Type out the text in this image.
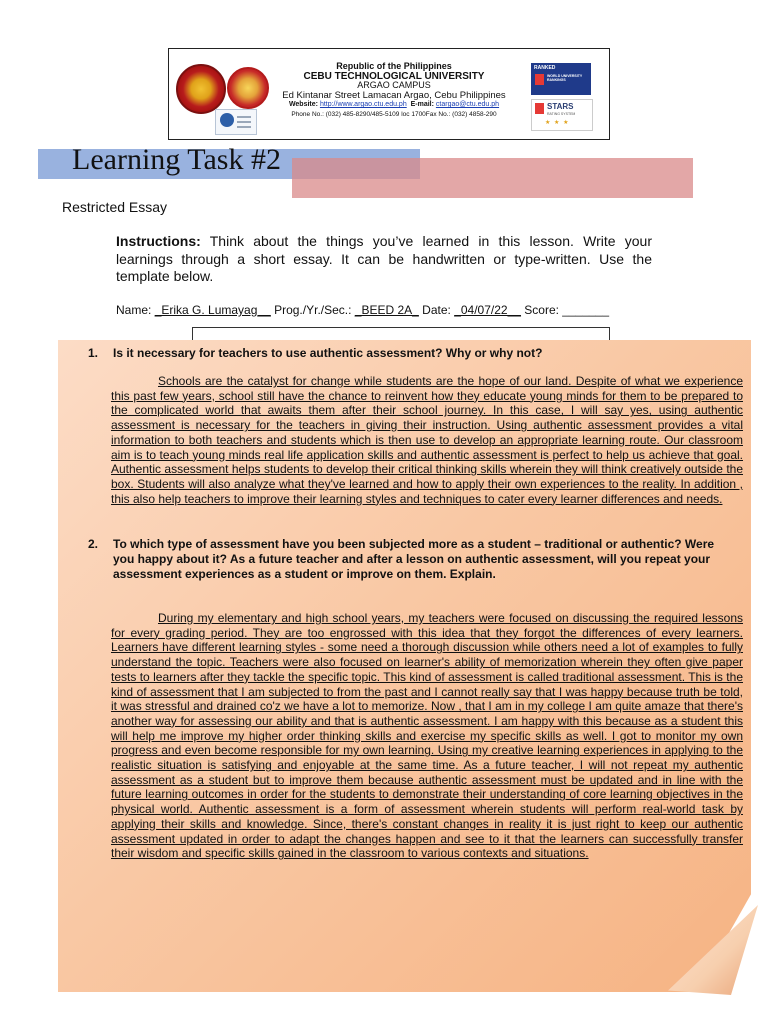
Republic of the Philippines
CEBU TECHNOLOGICAL UNIVERSITY
ARGAO CAMPUS
Ed Kintanar Street Lamacan Argao, Cebu Philippines
Website: http://www.argao.ctu.edu.ph E-mail: ctargao@ctu.edu.ph
Phone No.: (032) 485-8290/485-5109 loc 1700Fax No.: (032) 4858-290
RANKED
WORLD UNIVERSITY RANKINGS
STARS
RATING SYSTEM
★ ★ ★
Learning Task #2
Restricted Essay
Instructions: Think about the things you’ve learned in this lesson. Write your learnings through a short essay. It can be handwritten or type-written. Use the template below.
Name: _Erika G. Lumayag__ Prog./Yr./Sec.: _BEED 2A_ Date: _04/07/22__ Score: _______
1. Is it necessary for teachers to use authentic assessment? Why or why not?
Schools are the catalyst for change while students are the hope of our land. Despite of what we experience this past few years, school still have the chance to reinvent how they educate young minds for them to be prepared to the complicated world that awaits them after their school journey. In this case, I will say yes, using authentic assessment is necessary for the teachers in giving their instruction. Using authentic assessment provides a vital information to both teachers and students which is then use to develop an appropriate learning route. Our classroom aim is to teach young minds real life application skills and authentic assessment is perfect to help us achieve that goal. Authentic assessment helps students to develop their critical thinking skills wherein they will think creatively outside the box. Students will also analyze what they've learned and how to apply their own experiences to the reality. In addition , this also help teachers to improve their learning styles and techniques to cater every learner differences and needs.
2. To which type of assessment have you been subjected more as a student – traditional or authentic? Were you happy about it? As a future teacher and after a lesson on authentic assessment, will you repeat your assessment experiences as a student or improve on them. Explain.
During my elementary and high school years, my teachers were focused on discussing the required lessons for every grading period. They are too engrossed with this idea that they forgot the differences of every learners. Learners have different learning styles - some need a thorough discussion while others need a lot of examples to fully understand the topic. Teachers were also focused on learner's ability of memorization wherein they often give paper tests to learners after they tackle the specific topic. This kind of assessment is called traditional assessment. This is the kind of assessment that I am subjected to from the past and I cannot really say that I was happy because truth be told, it was stressful and drained co'z we have a lot to memorize. Now , that I am in my college I am quite amaze that there's another way for assessing our ability and that is authentic assessment. I am happy with this because as a student this will help me improve my higher order thinking skills and exercise my specific skills as well. I got to monitor my own progress and even become responsible for my own learning. Using my creative learning experiences in applying to the realistic situation is satisfying and enjoyable at the same time. As a future teacher, I will not repeat my authentic assessment as a student but to improve them because authentic assessment must be updated and in line with the future learning outcomes in order for the students to demonstrate their understanding of core learning objectives in the physical world. Authentic assessment is a form of assessment wherein students will perform real-world task by applying their skills and knowledge. Since, there's constant changes in reality it is just right to keep our authentic assessment updated in order to adapt the changes happen and see to it that the learners can successfully transfer their wisdom and specific skills gained in the classroom to various contexts and situations.
